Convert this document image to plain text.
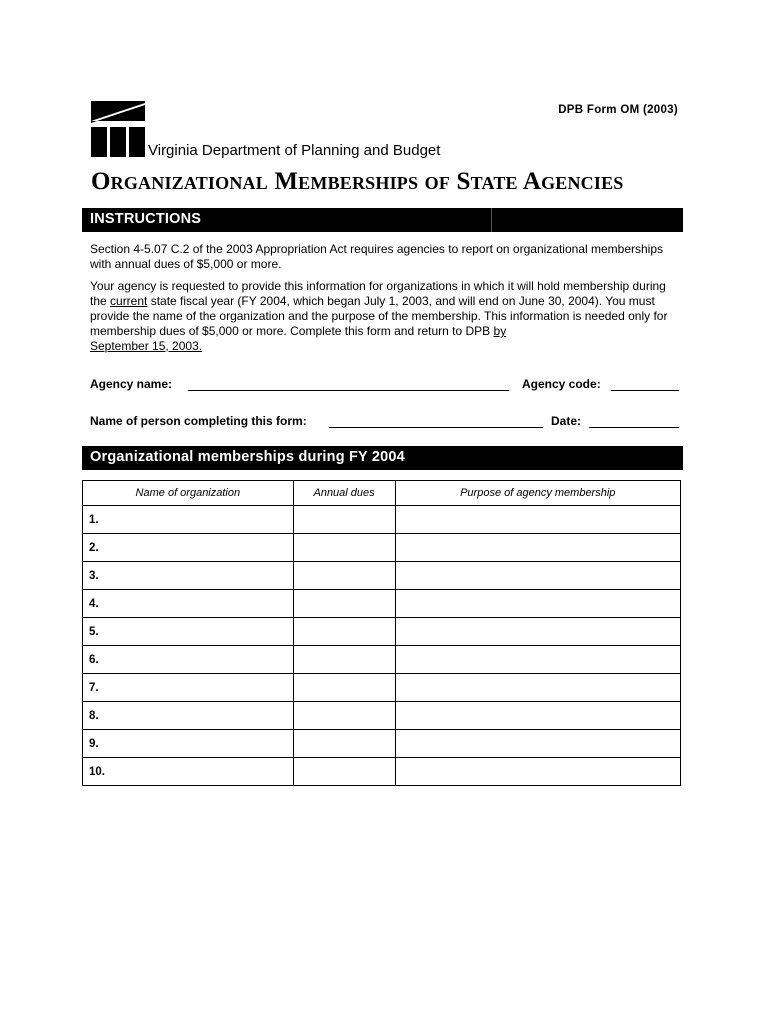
DPB Form OM (2003)
Virginia Department of Planning and Budget
Organizational Memberships of State Agencies
INSTRUCTIONS
Section 4-5.07 C.2 of the 2003 Appropriation Act requires agencies to report on organizational memberships with annual dues of $5,000 or more.
Your agency is requested to provide this information for organizations in which it will hold membership during the current state fiscal year (FY 2004, which began July 1, 2003, and will end on June 30, 2004). You must provide the name of the organization and the purpose of the membership. This information is needed only for membership dues of $5,000 or more. Complete this form and return to DPB by
September 15, 2003.
Agency name:	Agency code:
Name of person completing this form:	Date:
Organizational memberships during FY 2004
Name of organization	Annual dues	Purpose of agency membership
1.		
2.		
3.		
4.		
5.		
6.		
7.		
8.		
9.		
10.		
